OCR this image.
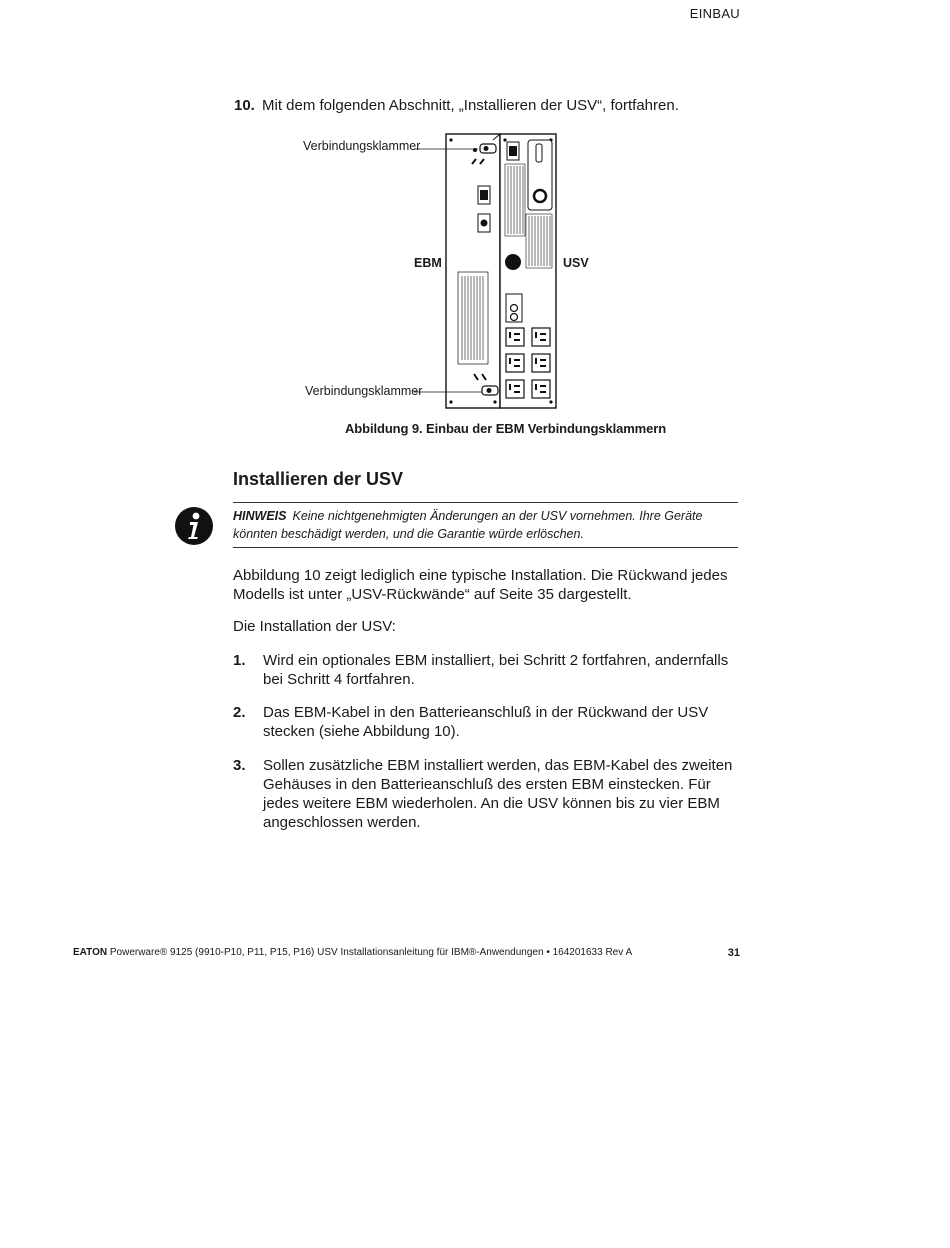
EINBAU
10. Mit dem folgenden Abschnitt, „Installieren der USV“, fortfahren.
Verbindungsklammer
Verbindungsklammer
EBM	USV
Abbildung 9. Einbau der EBM Verbindungsklammern
Installieren der USV
HINWEIS Keine nichtgenehmigten Änderungen an der USV vornehmen. Ihre Geräte könnten beschädigt werden, und die Garantie würde erlöschen.
Abbildung 10 zeigt lediglich eine typische Installation. Die Rückwand jedes Modells ist unter „USV-Rückwände“ auf Seite 35 dargestellt.
Die Installation der USV:
1.	Wird ein optionales EBM installiert, bei Schritt 2 fortfahren, andernfalls bei Schritt 4 fortfahren.
2.	Das EBM-Kabel in den Batterieanschluß in der Rückwand der USV stecken (siehe Abbildung 10).
3.	Sollen zusätzliche EBM installiert werden, das EBM-Kabel des zweiten Gehäuses in den Batterieanschluß des ersten EBM einstecken. Für jedes weitere EBM wiederholen. An die USV können bis zu vier EBM angeschlossen werden.
EATON Powerware® 9125 (9910-P10, P11, P15, P16) USV Installationsanleitung für IBM®-Anwendungen • 164201633 Rev A	31
